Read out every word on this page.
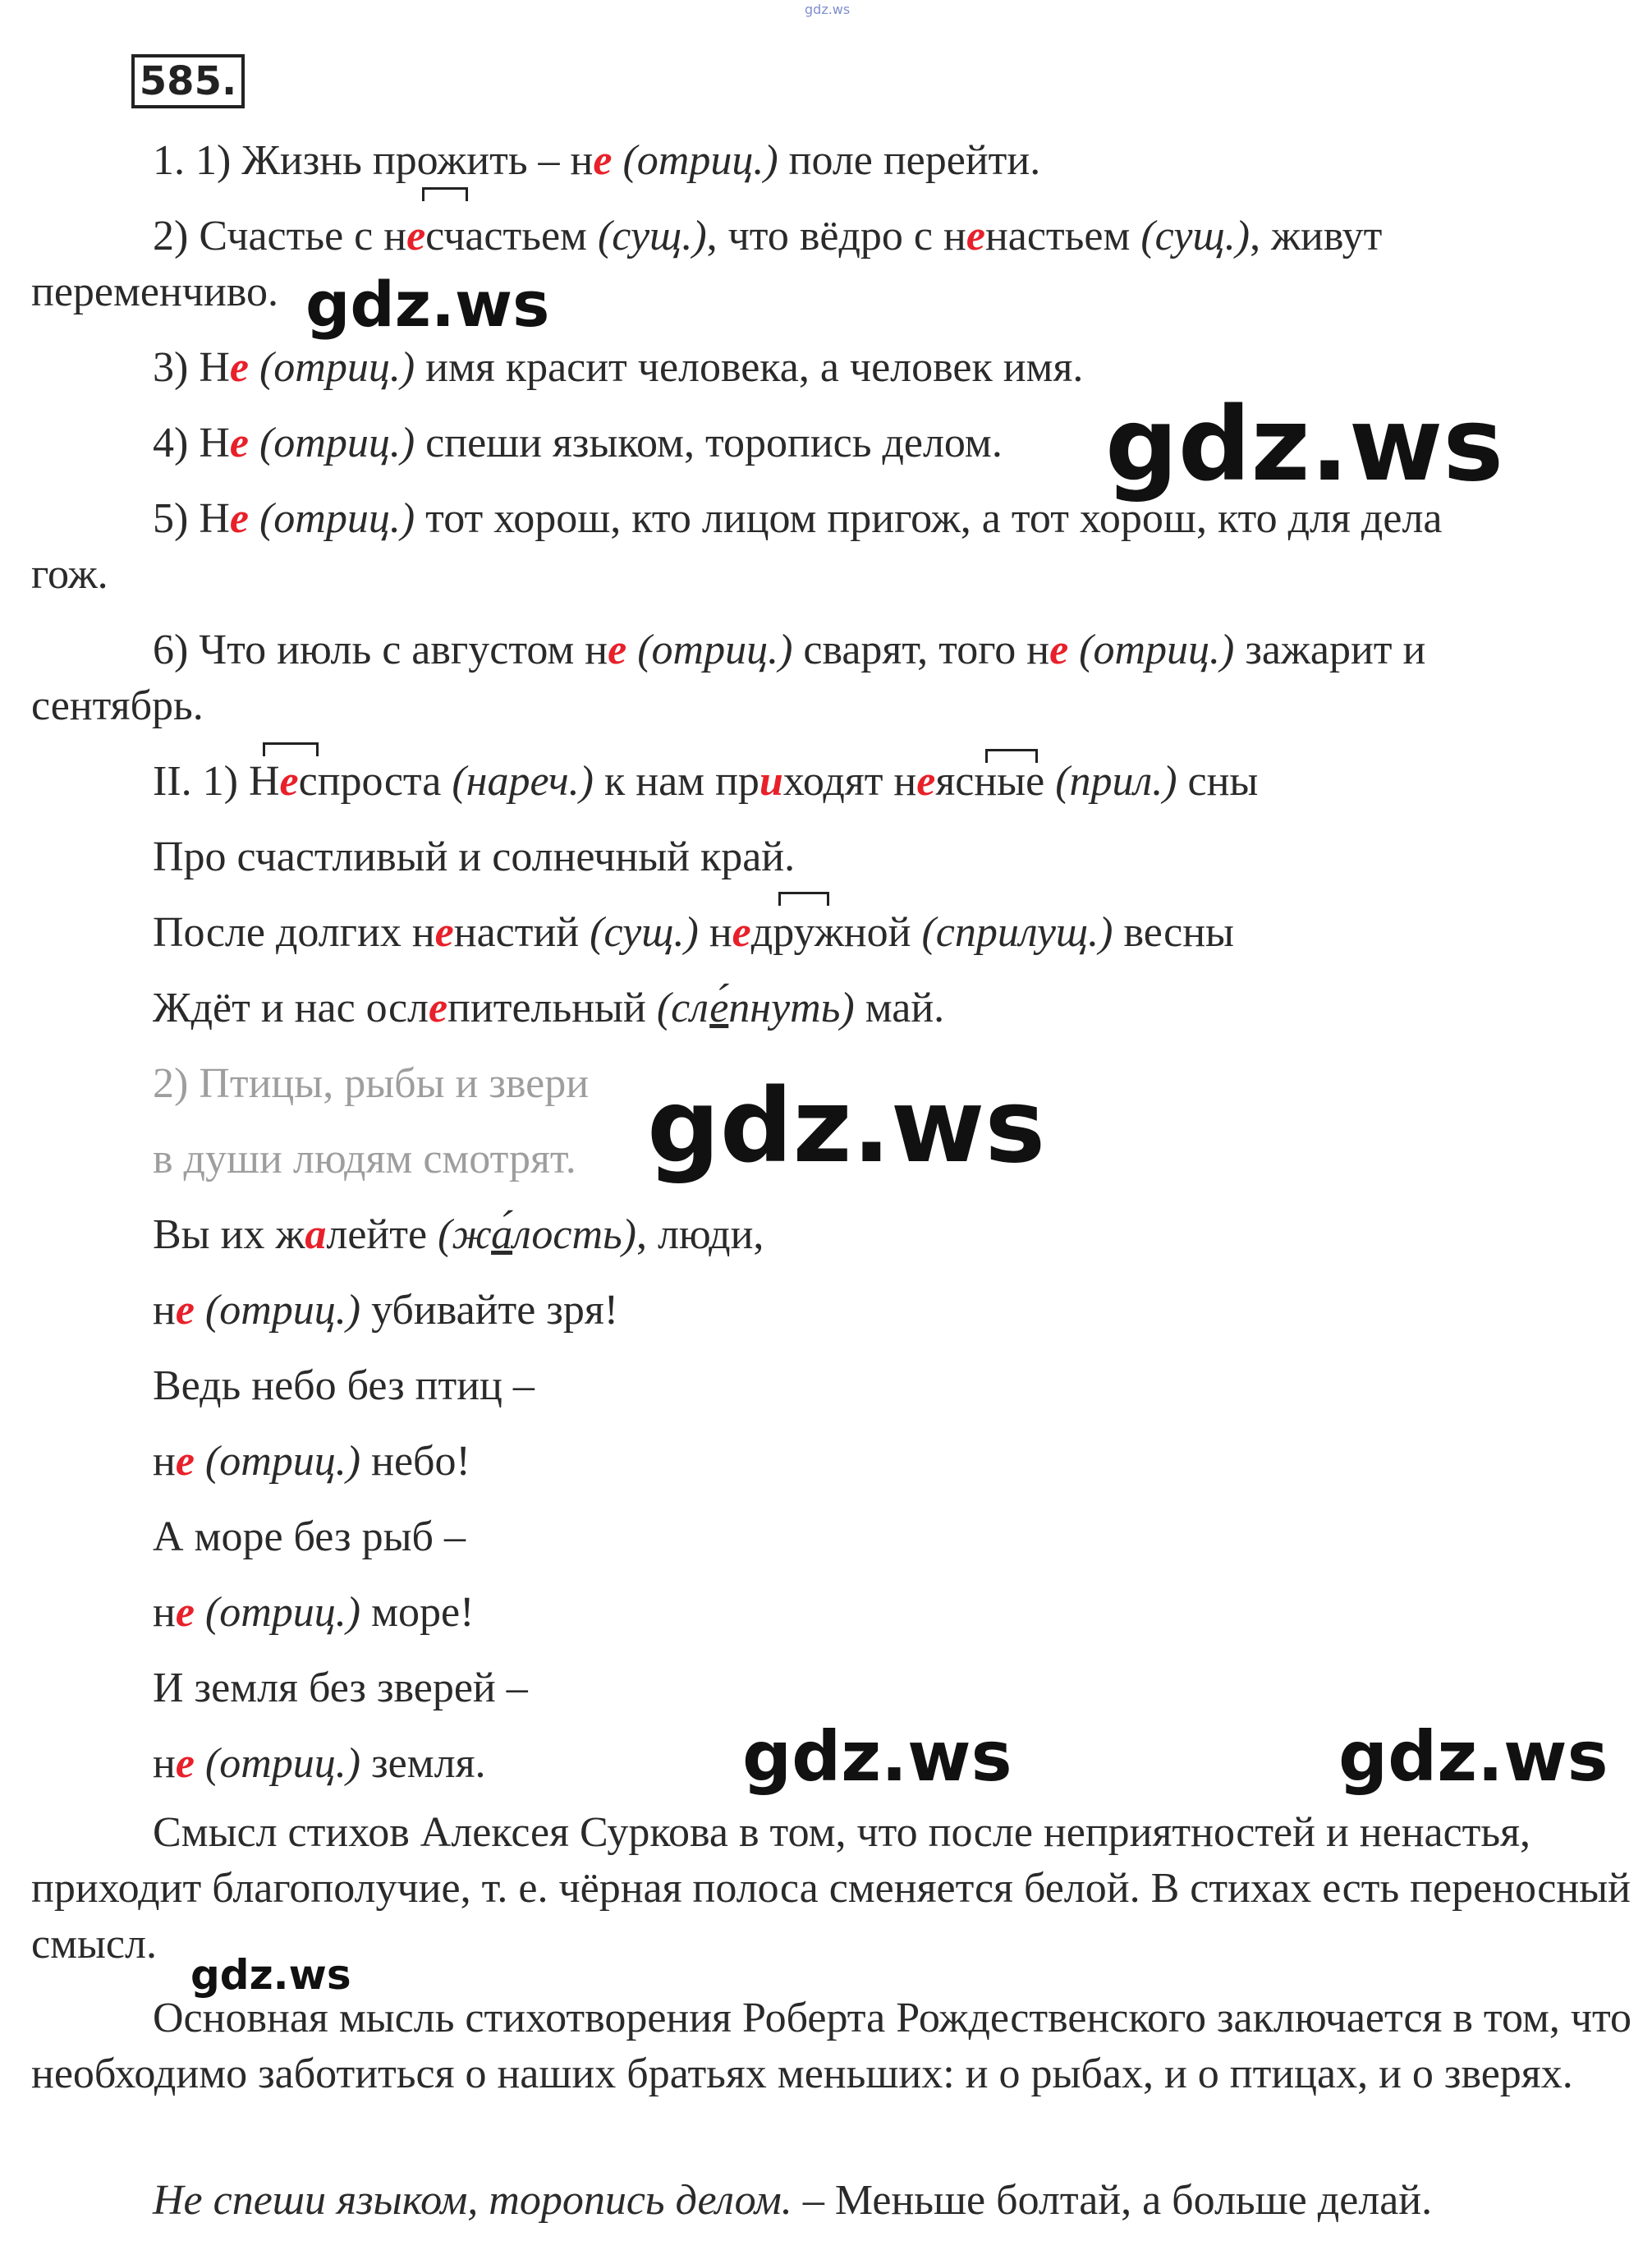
gdz.ws
585.
1. 1) Жизнь прожить – не (отриц.) поле перейти.
2) Счастье с несчастьем (сущ.), что вёдро с ненастьем (сущ.), живут
переменчиво.
3) Не (отриц.) имя красит человека, а человек имя.
4) Не (отриц.) спеши языком, торопись делом.
5) Не (отриц.) тот хорош, кто лицом пригож, а тот хорош, кто для дела
гож.
6) Что июль с августом не (отриц.) сварят, того не (отриц.) зажарит и
сентябрь.
II. 1) Неспроста (нареч.) к нам приходят неясные (прил.) сны
Про счастливый и солнечный край.
После долгих ненастий (сущ.) недружной (сприлущ.) весны
Ждёт и нас ослепительный (сле́пнуть) май.
2) Птицы, рыбы и звери
в души людям смотрят.
Вы их жалейте (жа́лость), люди,
не (отриц.) убивайте зря!
Ведь небо без птиц –
не (отриц.) небо!
А море без рыб –
не (отриц.) море!
И земля без зверей –
не (отриц.) земля.
Смысл стихов Алексея Суркова в том, что после неприятностей и ненастья, приходит благополучие, т. е. чёрная полоса сменяется белой. В стихах есть переносный смысл.
Основная мысль стихотворения Роберта Рождественского заключается в том, что необходимо заботиться о наших братьях меньших: и о рыбах, и о птицах, и о зверях.
Не спеши языком, торопись делом. – Меньше болтай, а больше делай.
gdz.ws
gdz.ws
gdz.ws
gdz.ws	gdz.ws
gdz.ws
